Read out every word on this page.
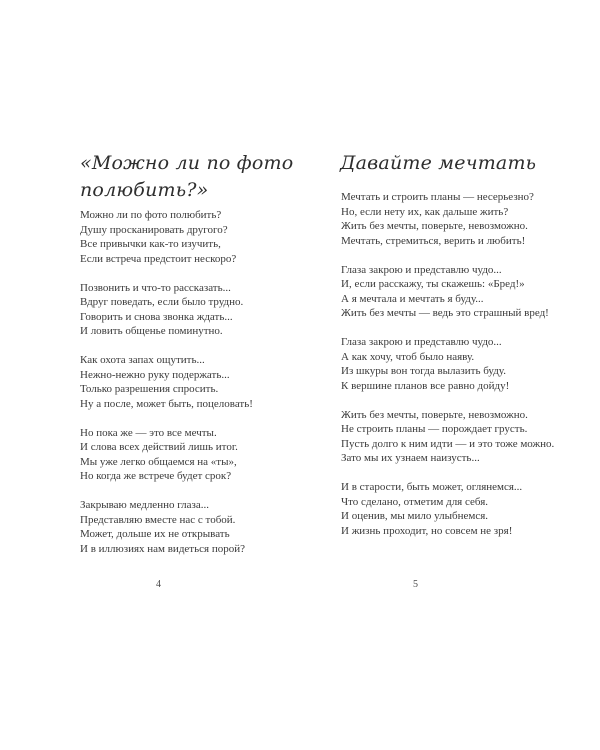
«Можно ли по фото
полюбить?»

Можно ли по фото полюбить?
Душу просканировать другого?
Все привычки как-то изучить,
Если встреча предстоит нескоро?

Позвонить и что-то рассказать...
Вдруг поведать, если было трудно.
Говорить и снова звонка ждать...
И ловить общенье поминутно.

Как охота запах ощутить...
Нежно-нежно руку подержать...
Только разрешения спросить.
Ну а после, может быть, поцеловать!

Но пока же — это все мечты.
И слова всех действий лишь итог.
Мы уже легко общаемся на «ты»,
Но когда же встрече будет срок?

Закрываю медленно глаза...
Представляю вместе нас с тобой.
Может, дольше их не открывать
И в иллюзиях нам видеться порой?

4
Давайте мечтать

Мечтать и строить планы — несерьезно?
Но, если нету их, как дальше жить?
Жить без мечты, поверьте, невозможно.
Мечтать, стремиться, верить и любить!

Глаза закрою и представлю чудо...
И, если расскажу, ты скажешь: «Бред!»
А я мечтала и мечтать я буду...
Жить без мечты — ведь это страшный вред!

Глаза закрою и представлю чудо...
А как хочу, чтоб было наяву.
Из шкуры вон тогда вылазить буду.
К вершине планов все равно дойду!

Жить без мечты, поверьте, невозможно.
Не строить планы — порождает грусть.
Пусть долго к ним идти — и это тоже можно.
Зато мы их узнаем наизусть...

И в старости, быть может, оглянемся...
Что сделано, отметим для себя.
И оценив, мы мило улыбнемся.
И жизнь проходит, но совсем не зря!

5
